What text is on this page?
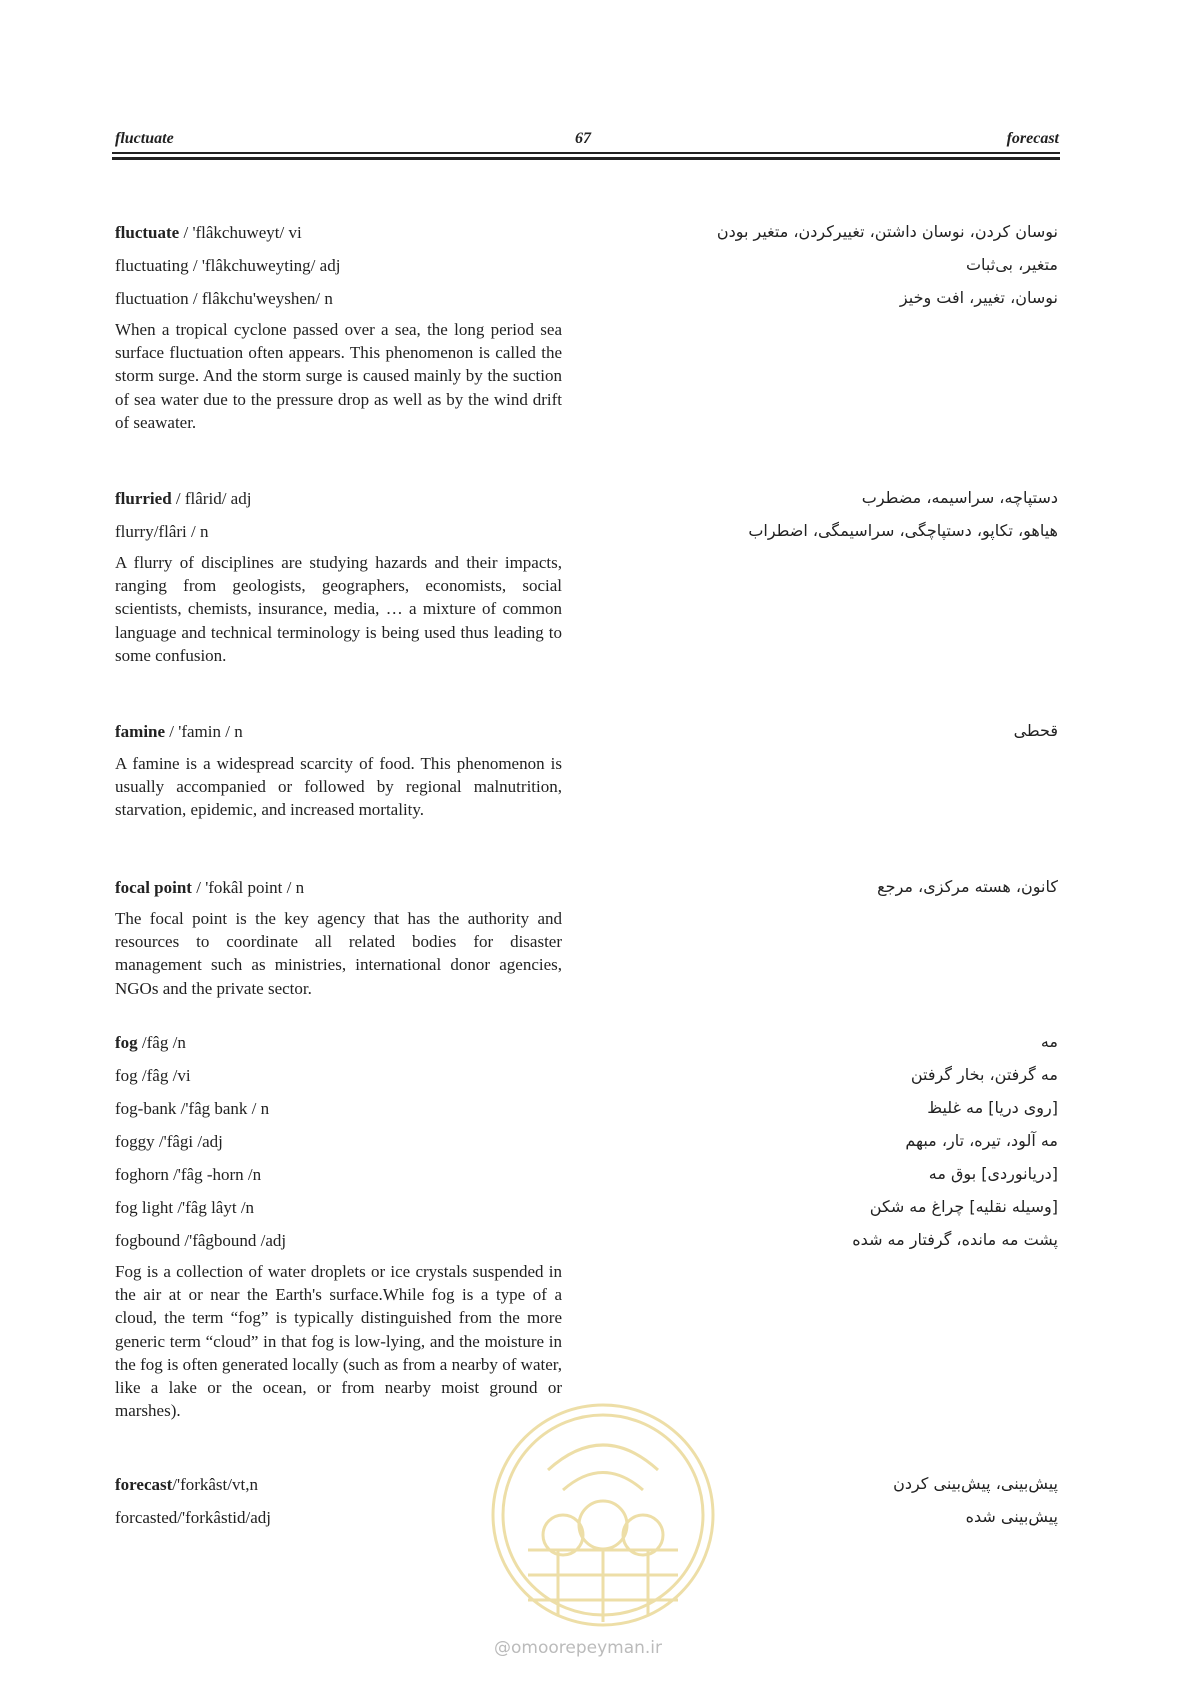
fluctuate	67	forecast
fluctuate / 'flâkchuweyt/ vi	نوسان کردن، نوسان داشتن، تغییرکردن، متغیر بودن
fluctuating / 'flâkchuweyting/ adj	متغیر، بی‌ثبات
fluctuation / flâkchu'weyshen/ n	نوسان، تغییر، افت وخیز

When a tropical cyclone passed over a sea, the long period sea surface fluctuation often appears. This phenomenon is called the storm surge. And the storm surge is caused mainly by the suction of sea water due to the pressure drop as well as by the wind drift of seawater.

flurried / flârid/ adj	دستپاچه، سراسیمه، مضطرب
flurry/flâri / n	هیاهو، تکاپو، دستپاچگی، سراسیمگی، اضطراب

A flurry of disciplines are studying hazards and their impacts, ranging from geologists, geographers, economists, social scientists, chemists, insurance, media, … a mixture of common language and technical terminology is being used thus leading to some confusion.

famine / 'famin / n	قحطی

A famine is a widespread scarcity of food. This phenomenon is usually accompanied or followed by regional malnutrition, starvation, epidemic, and increased mortality.

focal point / 'fokâl point / n	کانون، هسته مرکزی، مرجع

The focal point is the key agency that has the authority and resources to coordinate all related bodies for disaster management such as ministries, international donor agencies, NGOs and the private sector.

fog /fâg /n	مه
fog /fâg /vi	مه گرفتن، بخار گرفتن
fog-bank /'fâg bank / n	[روی دریا] مه غلیظ
foggy /'fâgi /adj	مه آلود، تیره، تار، مبهم
foghorn /'fâg -horn /n	[دریانوردی] بوق مه
fog light /'fâg lâyt /n	[وسیله نقلیه] چراغ مه شکن
fogbound /'fâgbound /adj	پشت مه مانده، گرفتار مه شده

Fog is a collection of water droplets or ice crystals suspended in the air at or near the Earth's surface.While fog is a type of a cloud, the term “fog” is typically distinguished from the more generic term “cloud” in that fog is low-lying, and the moisture in the fog is often generated locally (such as from a nearby of water, like a lake or the ocean, or from nearby moist ground or marshes).

forecast/'forkâst/vt,n	پیش‌بینی، پیش‌بینی کردن
forcasted/'forkâstid/adj	پیش‌بینی شده
@omoorepeyman.ir
